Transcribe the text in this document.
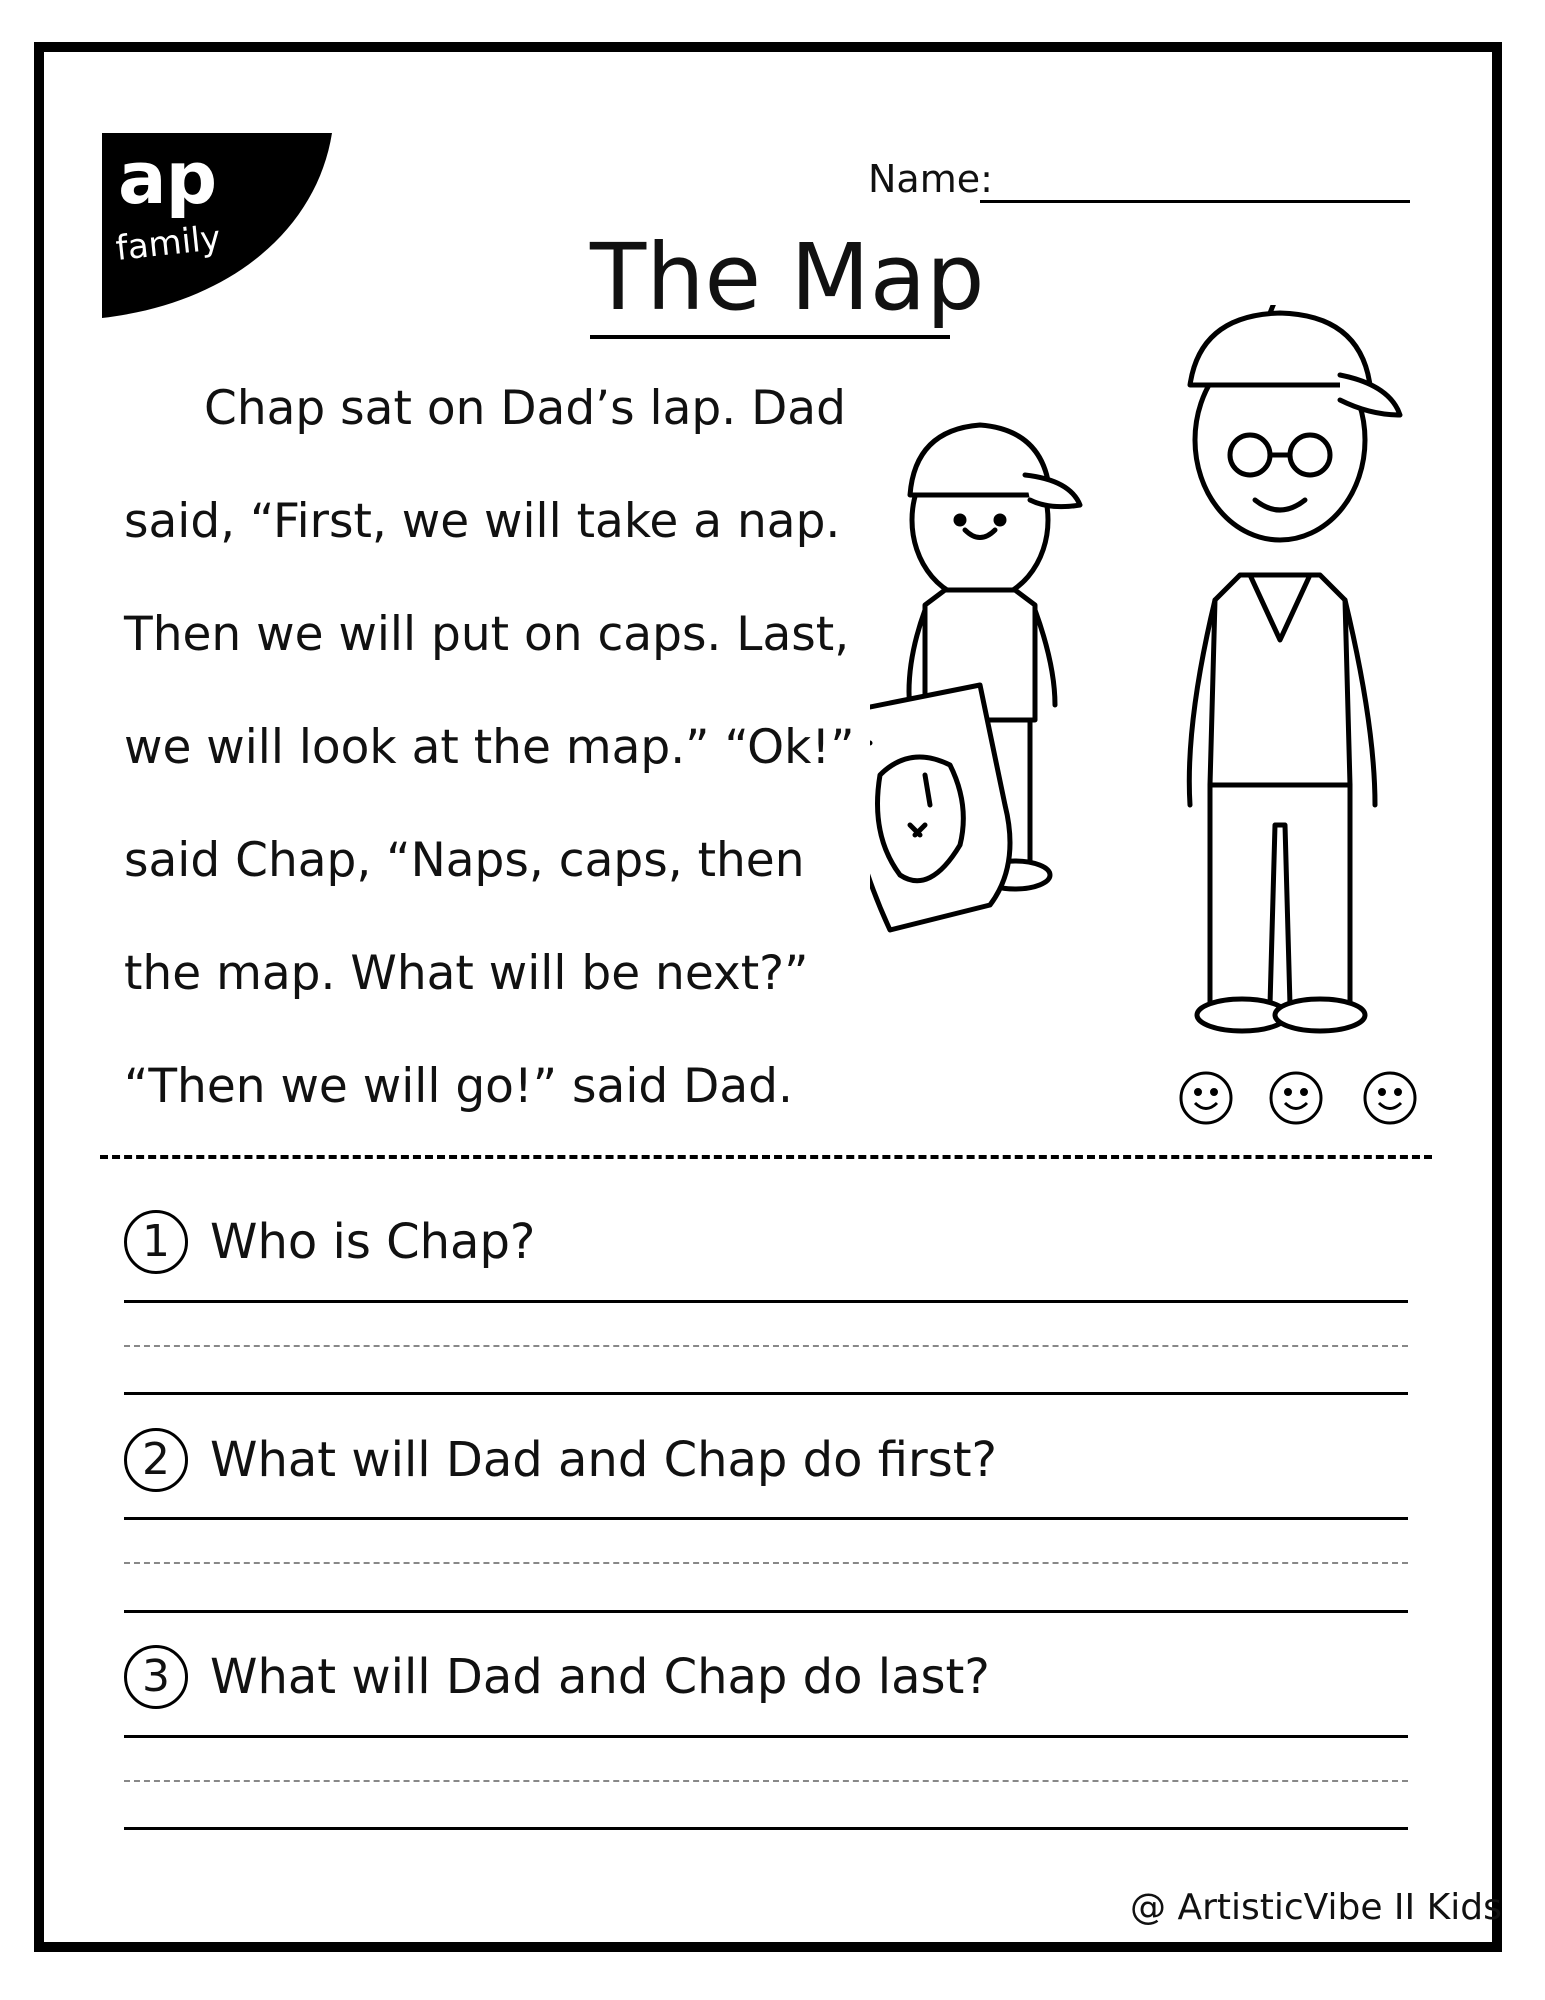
ap
family
Name:
The Map
Chap sat on Dad’s lap. Dad
said, “First, we will take a nap.
Then we will put on caps. Last,
we will look at the map.” “Ok!”
said Chap, “Naps, caps, then
the map. What will be next?”
“Then we will go!” said Dad.
1 Who is Chap?
2 What will Dad and Chap do first?
3 What will Dad and Chap do last?
@ ArtisticVibe II Kids
